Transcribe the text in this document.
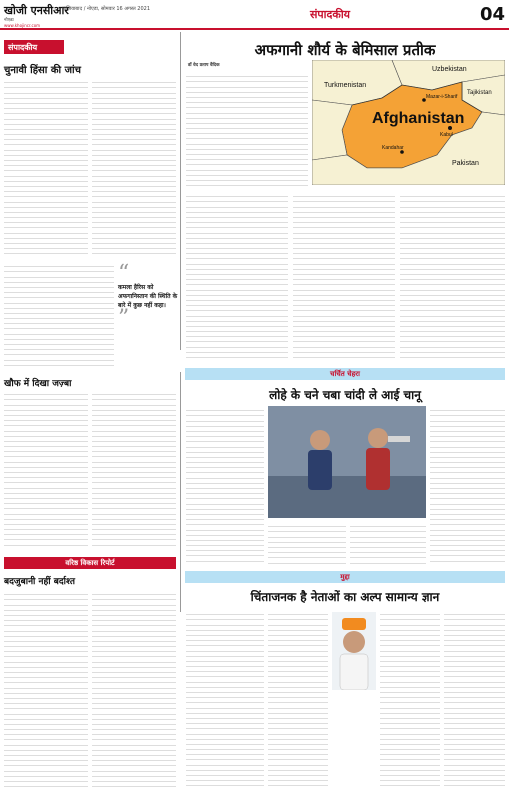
खोजी एनसीआर
नोएडा
www.khojincr.com
गाज़ियाबाद / नोएडा, सोमवार 16 अगस्त 2021	संपादकीय	04
संपादकीय
चुनावी हिंसा की जांच
“
कमला हैरिस को अफगानिस्तान की स्थिति के बारे में कुछ नहीं कहा।
”
खौफ में दिखा जज़्बा
वरिष्ठ विकास रिपोर्ट
बदजुबानी नहीं बर्दाश्त
अफगानी शौर्य के बेमिसाल प्रतीक
डॉ वेद प्रताप वैदिक
Uzbekistan
Turkmenistan
Tajikistan
Afghanistan
Pakistan
Mazar-i-Sharif
Kabul
Kandahar
चर्चित चेहरा
लोहे के चने चबा चांदी ले आई चानू
मुद्दा
चिंताजनक है नेताओं का अल्प सामान्य ज्ञान
